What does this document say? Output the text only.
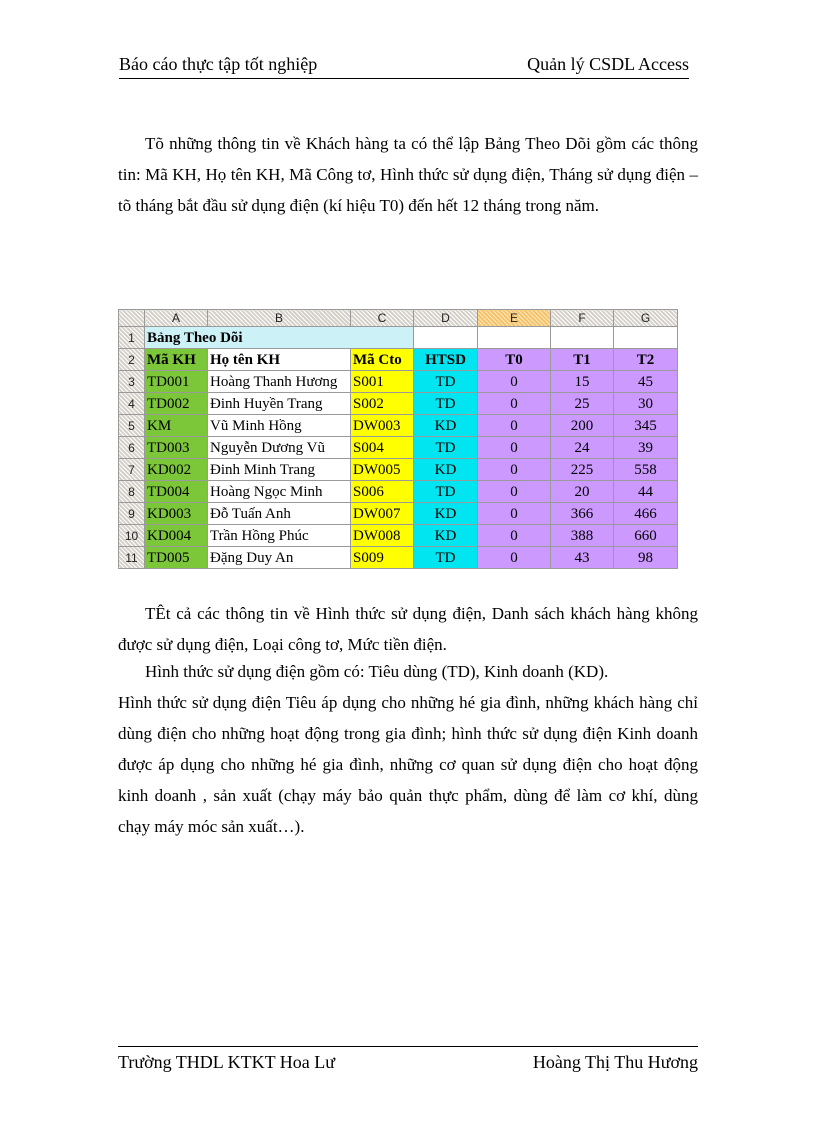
Báo cáo thực tập tốt nghiệp	Quản lý CSDL Access
Tõ những thông tin về Khách hàng ta có thể lập Bảng Theo Dõi gồm các thông tin: Mã KH, Họ tên KH, Mã Công tơ, Hình thức sử dụng điện, Tháng sử dụng điện – tõ tháng bắt đầu sử dụng điện (kí hiệu T0) đến hết 12 tháng trong năm.
	A	B	C	D	E	F	G
1	Bảng Theo Dõi						
2	Mã KH	Họ tên KH	Mã Cto	HTSD	T0	T1	T2
3	TD001	Hoàng Thanh Hương	S001	TD	0	15	45
4	TD002	Đinh Huyền Trang	S002	TD	0	25	30
5	KM	Vũ Minh Hồng	DW003	KD	0	200	345
6	TD003	Nguyễn Dương Vũ	S004	TD	0	24	39
7	KD002	Đinh Minh Trang	DW005	KD	0	225	558
8	TD004	Hoàng Ngọc Minh	S006	TD	0	20	44
9	KD003	Đỗ Tuấn Anh	DW007	KD	0	366	466
10	KD004	Trần Hồng Phúc	DW008	KD	0	388	660
11	TD005	Đặng Duy An	S009	TD	0	43	98
TÊt cả các thông tin về Hình thức sử dụng điện, Danh sách khách hàng không được sử dụng điện, Loại công tơ, Mức tiền điện.
Hình thức sử dụng điện gồm có: Tiêu dùng (TD), Kinh doanh (KD).
Hình thức sử dụng điện Tiêu áp dụng cho những hé gia đình, những khách hàng chỉ dùng điện cho những hoạt động trong gia đình; hình thức sử dụng điện Kinh doanh được áp dụng cho những hé gia đình, những cơ quan sử dụng điện cho hoạt động kinh doanh , sản xuất (chạy máy bảo quản thực phẩm, dùng để làm cơ khí, dùng chạy máy móc sản xuất…).
Trường THDL KTKT Hoa Lư	Hoàng Thị Thu Hương
